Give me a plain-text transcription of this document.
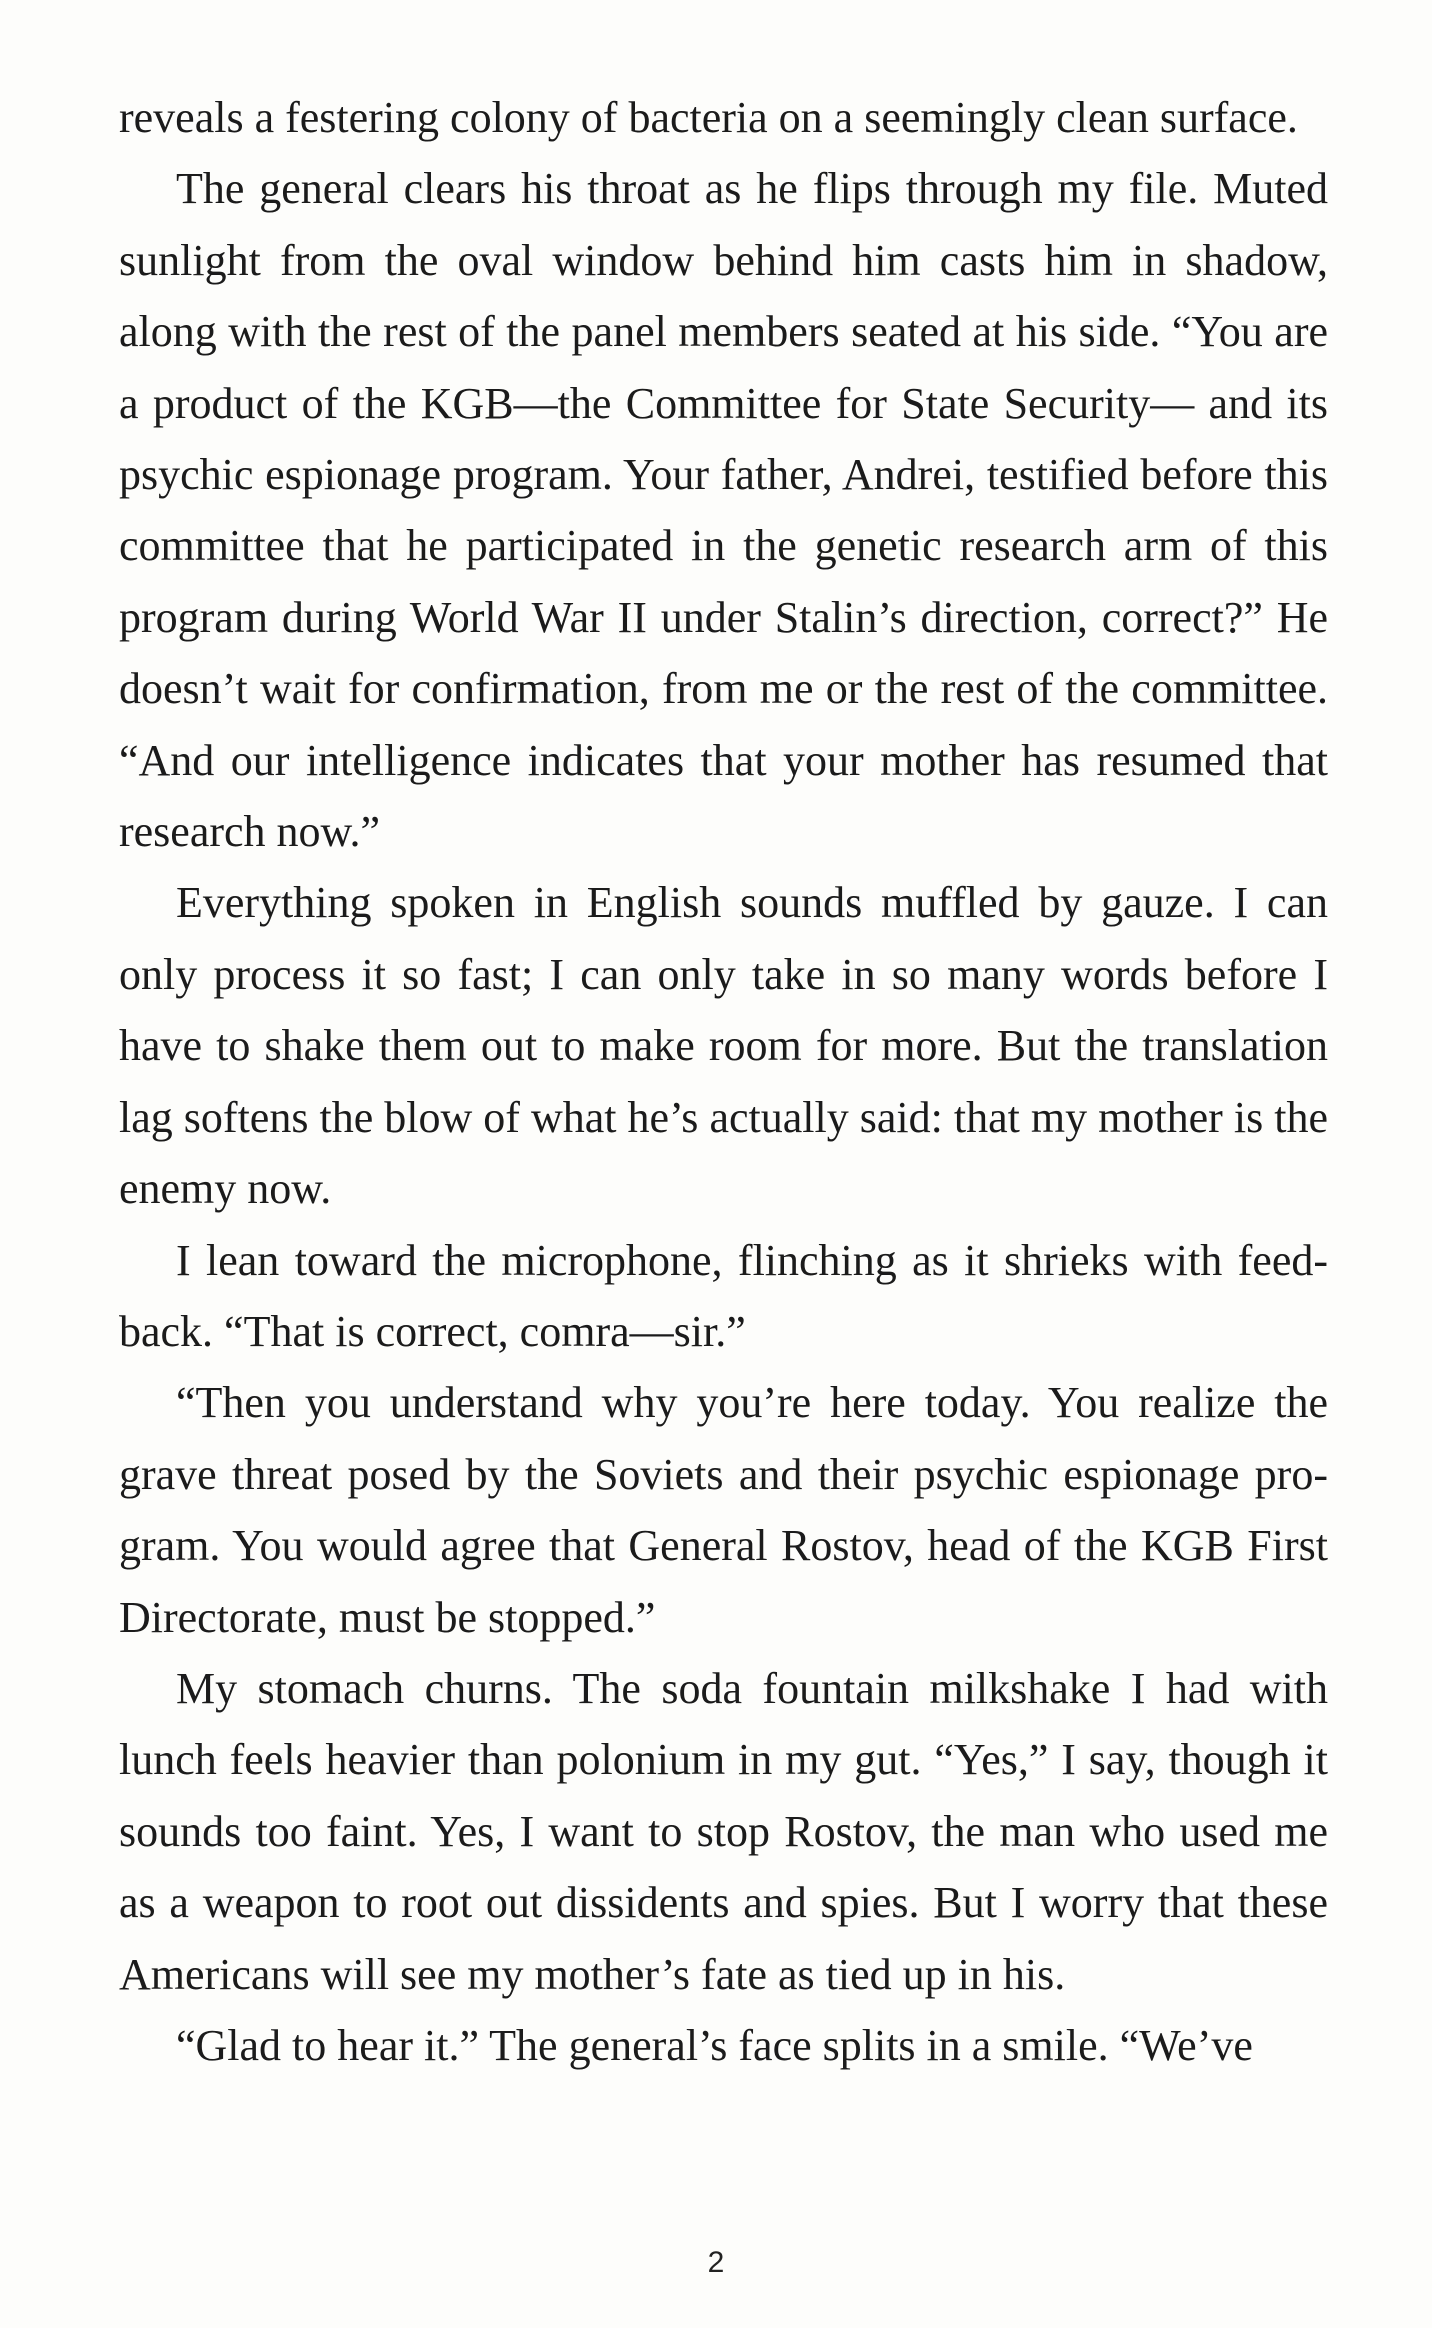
reveals a festering colony of bacteria on a seemingly clean surface.

The general clears his throat as he flips through my file. Muted sunlight from the oval window behind him casts him in shadow, along with the rest of the panel members seated at his side. “You are a product of the KGB—the Committee for State Security— and its psychic espionage program. Your father, Andrei, testified before this committee that he participated in the genetic research arm of this program during World War II under Stalin’s direction, correct?” He doesn’t wait for confirmation, from me or the rest of the committee. “And our intelligence indicates that your mother has resumed that research now.”

Everything spoken in English sounds muffled by gauze. I can only process it so fast; I can only take in so many words before I have to shake them out to make room for more. But the translation lag softens the blow of what he’s actually said: that my mother is the enemy now.

I lean toward the microphone, flinching as it shrieks with feedback. “That is correct, comra—sir.”

“Then you understand why you’re here today. You realize the grave threat posed by the Soviets and their psychic espionage program. You would agree that General Rostov, head of the KGB First Directorate, must be stopped.”

My stomach churns. The soda fountain milkshake I had with lunch feels heavier than polonium in my gut. “Yes,” I say, though it sounds too faint. Yes, I want to stop Rostov, the man who used me as a weapon to root out dissidents and spies. But I worry that these Americans will see my mother’s fate as tied up in his.

“Glad to hear it.” The general’s face splits in a smile. “We’ve

2
